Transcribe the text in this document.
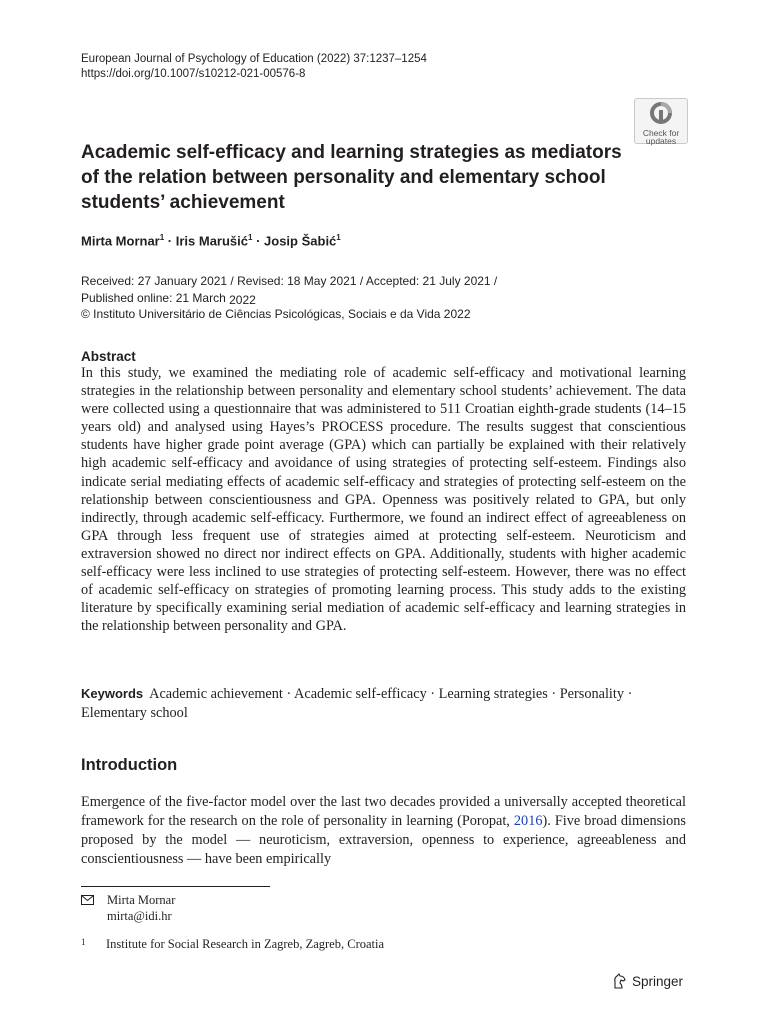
European Journal of Psychology of Education (2022) 37:1237–1254
https://doi.org/10.1007/s10212-021-00576-8
Check for
updates
Academic self-efficacy and learning strategies as mediators
of the relation between personality and elementary school
students’ achievement
Mirta Mornar$^1$ · Iris Marušić$^1$ · Josip Šabić$^1$
Received: 27 January 2021 / Revised: 18 May 2021 / Accepted: 21 July 2021 /
Published online: 21 March 2022
© Instituto Universitário de Ciências Psicológicas, Sociais e da Vida 2022
Abstract
In this study, we examined the mediating role of academic self-efficacy and motivational learning strategies in the relationship between personality and elementary school students’ achievement. The data were collected using a questionnaire that was administered to 511 Croatian eighth-grade students (14–15 years old) and analysed using Hayes’s PROCESS procedure. The results suggest that conscientious students have higher grade point average (GPA) which can partially be explained with their relatively high academic self-efficacy and avoidance of using strategies of protecting self-esteem. Findings also indicate serial mediating effects of academic self-efficacy and strategies of protecting self-esteem on the relationship between conscientiousness and GPA. Openness was positively related to GPA, but only indirectly, through academic self-efficacy. Furthermore, we found an indirect effect of agreeableness on GPA through less frequent use of strategies aimed at protecting self-esteem. Neuroticism and extraversion showed no direct nor indirect effects on GPA. Additionally, students with higher academic self-efficacy were less inclined to use strategies of protecting self-esteem. However, there was no effect of academic self-efficacy on strategies of promoting learning process. This study adds to the existing literature by specifically examining serial mediation of academic self-efficacy and learning strategies in the relationship between personality and GPA.
Keywords Academic achievement · Academic self-efficacy · Learning strategies · Personality · Elementary school
Introduction
Emergence of the five-factor model over the last two decades provided a universally accepted theoretical framework for the research on the role of personality in learning (Poropat, 2016). Five broad dimensions proposed by the model — neuroticism, extraversion, openness to experience, agreeableness and conscientiousness — have been empirically
Mirta Mornar
mirta@idi.hr
1	Institute for Social Research in Zagreb, Zagreb, Croatia
Springer
